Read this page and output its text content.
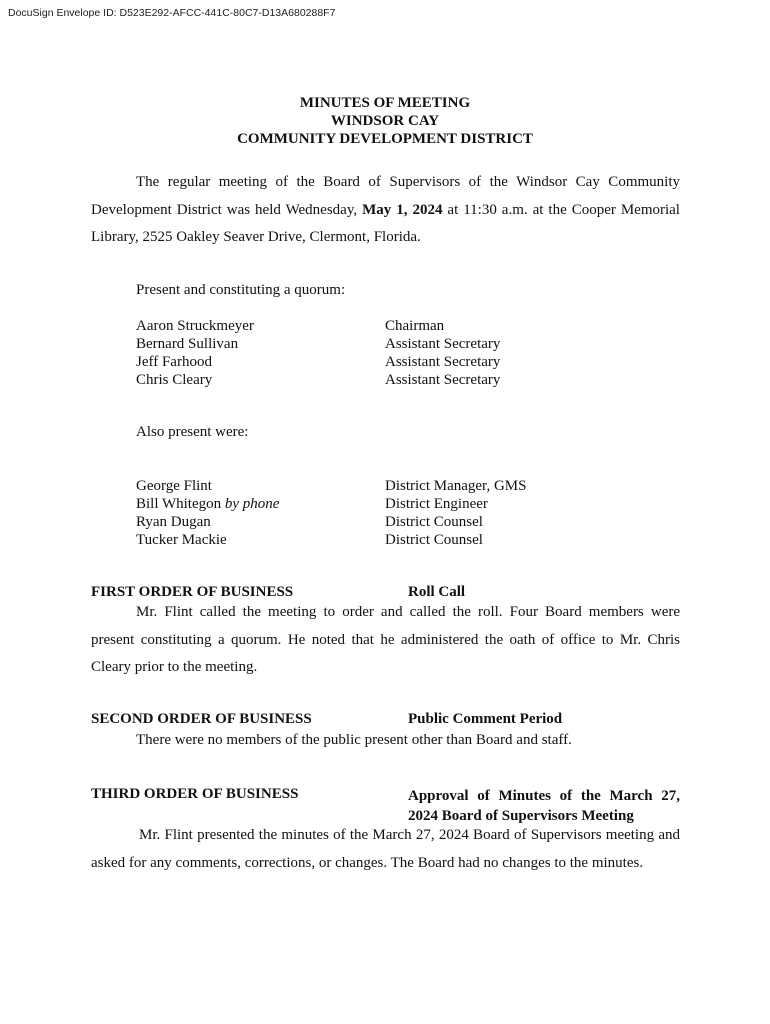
DocuSign Envelope ID: D523E292-AFCC-441C-80C7-D13A680288F7
MINUTES OF MEETING
WINDSOR CAY
COMMUNITY DEVELOPMENT DISTRICT
The regular meeting of the Board of Supervisors of the Windsor Cay Community Development District was held Wednesday, May 1, 2024 at 11:30 a.m. at the Cooper Memorial Library, 2525 Oakley Seaver Drive, Clermont, Florida.
Present and constituting a quorum:
Aaron Struckmeyer	Chairman
Bernard Sullivan	Assistant Secretary
Jeff Farhood	Assistant Secretary
Chris Cleary	Assistant Secretary
Also present were:
George Flint	District Manager, GMS
Bill Whitegon by phone	District Engineer
Ryan Dugan	District Counsel
Tucker Mackie	District Counsel
FIRST ORDER OF BUSINESS	Roll Call
Mr. Flint called the meeting to order and called the roll. Four Board members were present constituting a quorum. He noted that he administered the oath of office to Mr. Chris Cleary prior to the meeting.
SECOND ORDER OF BUSINESS	Public Comment Period
There were no members of the public present other than Board and staff.
THIRD ORDER OF BUSINESS	Approval of Minutes of the March 27, 2024 Board of Supervisors Meeting
Mr. Flint presented the minutes of the March 27, 2024 Board of Supervisors meeting and asked for any comments, corrections, or changes. The Board had no changes to the minutes.
